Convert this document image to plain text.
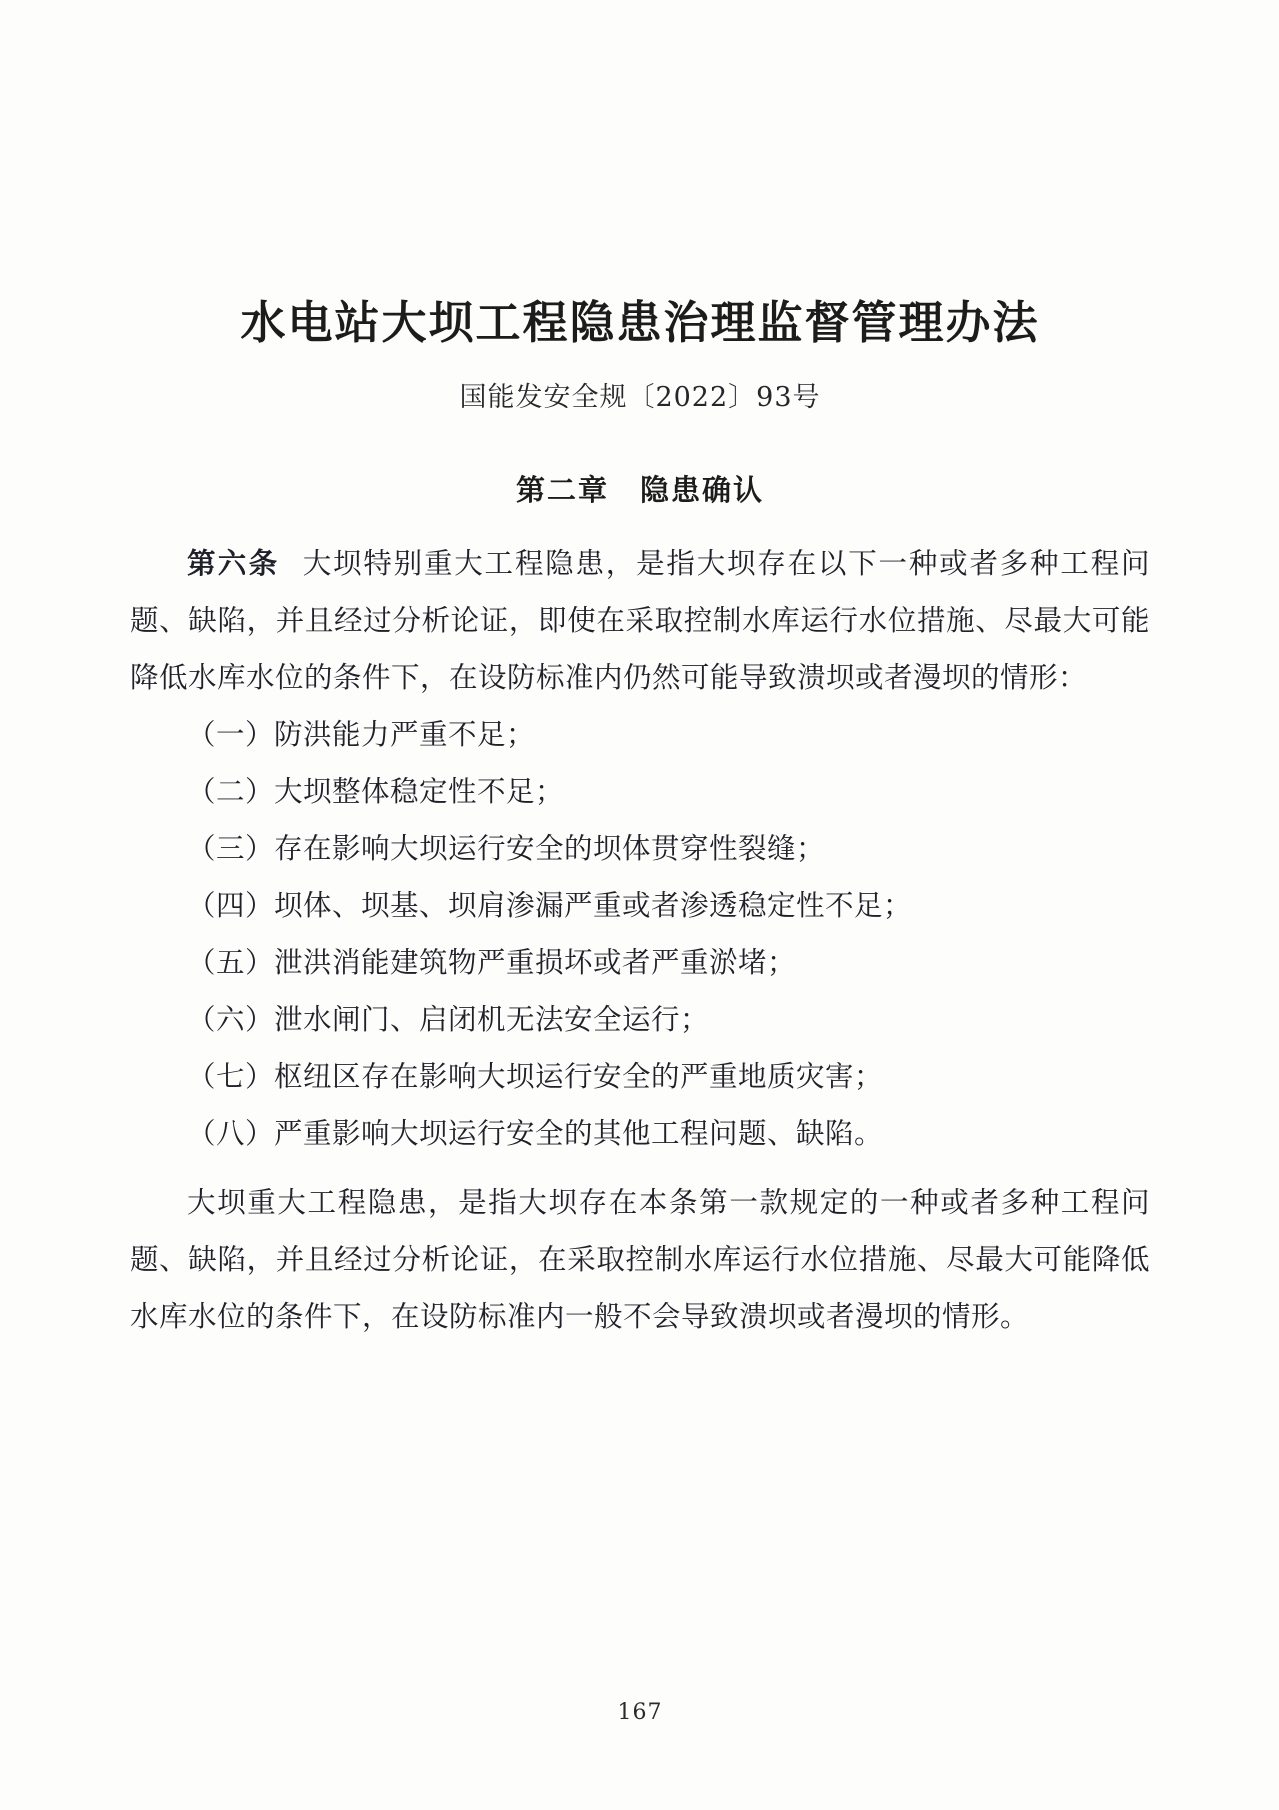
水电站大坝工程隐患治理监督管理办法
国能发安全规〔2022〕93号
第二章　隐患确认

第六条 大坝特别重大工程隐患，是指大坝存在以下一种或者多种工程问题、缺陷，并且经过分析论证，即使在采取控制水库运行水位措施、尽最大可能降低水库水位的条件下，在设防标准内仍然可能导致溃坝或者漫坝的情形：

（一）防洪能力严重不足；
（二）大坝整体稳定性不足；
（三）存在影响大坝运行安全的坝体贯穿性裂缝；
（四）坝体、坝基、坝肩渗漏严重或者渗透稳定性不足；
（五）泄洪消能建筑物严重损坏或者严重淤堵；
（六）泄水闸门、启闭机无法安全运行；
（七）枢纽区存在影响大坝运行安全的严重地质灾害；
（八）严重影响大坝运行安全的其他工程问题、缺陷。

大坝重大工程隐患，是指大坝存在本条第一款规定的一种或者多种工程问题、缺陷，并且经过分析论证，在采取控制水库运行水位措施、尽最大可能降低水库水位的条件下，在设防标准内一般不会导致溃坝或者漫坝的情形。

167
